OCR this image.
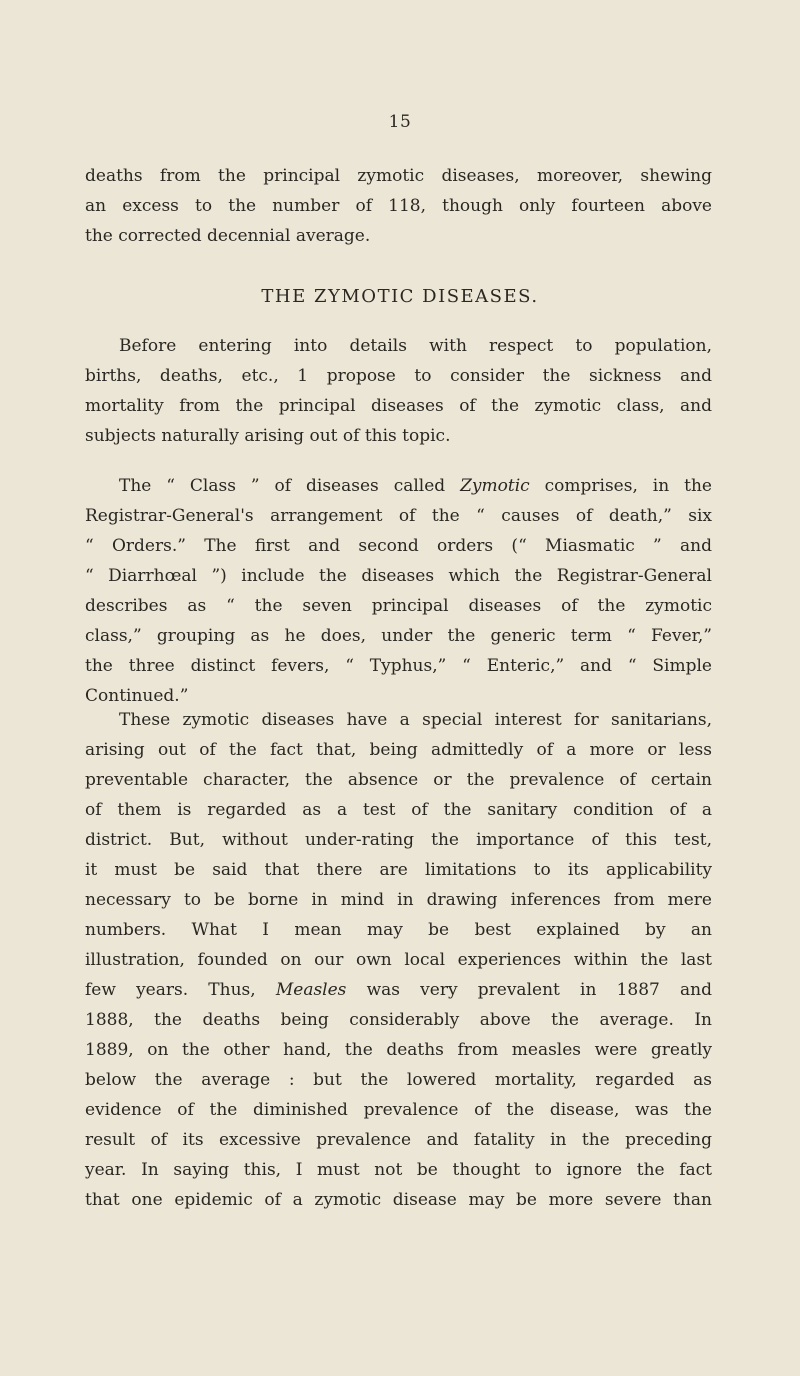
15
deaths from the principal zymotic diseases, moreover, shewing
an excess to the number of 118, though only fourteen above
the corrected decennial average.
THE ZYMOTIC DISEASES.
Before entering into details with respect to population,
births, deaths, etc., 1 propose to consider the sickness and
mortality from the principal diseases of the zymotic class, and
subjects naturally arising out of this topic.
The “ Class ” of diseases called Zymotic comprises, in the
Registrar-General's arrangement of the “ causes of death,” six
“ Orders.” The first and second orders (“ Miasmatic ” and
“ Diarrhœal ”) include the diseases which the Registrar-General
describes as “ the seven principal diseases of the zymotic
class,” grouping as he does, under the generic term “ Fever,”
the three distinct fevers, “ Typhus,” “ Enteric,” and “ Simple
Continued.”
These zymotic diseases have a special interest for sanitarians,
arising out of the fact that, being admittedly of a more or less
preventable character, the absence or the prevalence of certain
of them is regarded as a test of the sanitary condition of a
district. But, without under-rating the importance of this test,
it must be said that there are limitations to its applicability
necessary to be borne in mind in drawing inferences from mere
numbers. What I mean may be best explained by an
illustration, founded on our own local experiences within the last
few years. Thus, Measles was very prevalent in 1887 and
1888, the deaths being considerably above the average. In
1889, on the other hand, the deaths from measles were greatly
below the average : but the lowered mortality, regarded as
evidence of the diminished prevalence of the disease, was the
result of its excessive prevalence and fatality in the preceding
year. In saying this, I must not be thought to ignore the fact
that one epidemic of a zymotic disease may be more severe than
